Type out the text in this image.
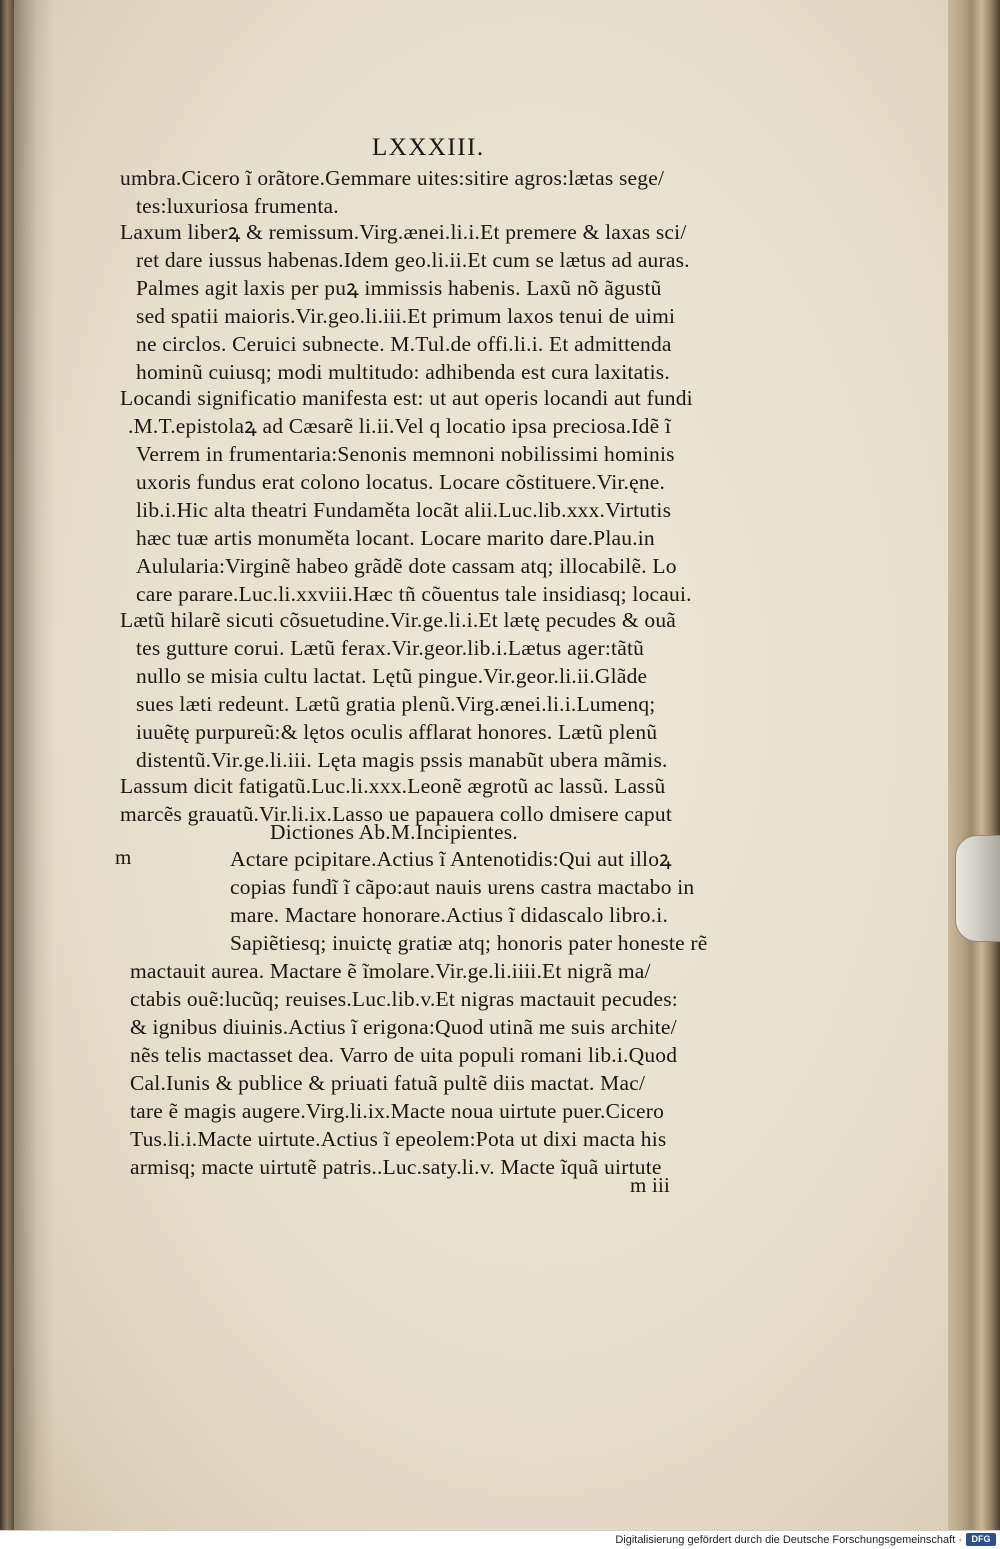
LXXXIII.
umbra.Cicero ĩ orãtore.Gemmare uites:sitire agros:lætas sege/
tes:luxuriosa frumenta.
Laxum liberꝝ & remissum.Virg.ænei.li.i.Et premere & laxas sci/
ret dare iussus habenas.Idem geo.li.ii.Et cum se lætus ad auras.
Palmes agit laxis per puꝝ immissis habenis. Laxũ nõ ãgustũ
sed spatii maioris.Vir.geo.li.iii.Et primum laxos tenui de uimi
ne circlos. Ceruici subnecte. M.Tul.de offi.li.i. Et admittenda
hominũ cuiusq; modi multitudo: adhibenda est cura laxitatis.
Locandi significatio manifesta est: ut aut operis locandi aut fundi
.M.T.epistolaꝝ ad Cæsarẽ li.ii.Vel q locatio ipsa preciosa.Idẽ ĩ
Verrem in frumentaria:Senonis memnoni nobilissimi hominis
uxoris fundus erat colono locatus. Locare cõstituere.Vir.ęne.
lib.i.Hic alta theatri Fundaměta locãt alii.Luc.lib.xxx.Virtutis
hæc tuæ artis monuměta locant. Locare marito dare.Plau.in
Aulularia:Virginẽ habeo grãdẽ dote cassam atq; illocabilẽ. Lo
care parare.Luc.li.xxviii.Hæc tñ cõuentus tale insidiasq; locaui.
Lætũ hilarẽ sicuti cõsuetudine.Vir.ge.li.i.Et lætę pecudes & ouã
tes gutture corui. Lætũ ferax.Vir.geor.lib.i.Lætus ager:tãtũ
nullo se misia cultu lactat. Lętũ pingue.Vir.geor.li.ii.Glãde
sues læti redeunt. Lætũ gratia plenũ.Virg.ænei.li.i.Lumenq;
iuuẽtę purpureũ:& lętos oculis afflarat honores. Lætũ plenũ
distentũ.Vir.ge.li.iii. Lęta magis pssis manabũt ubera mãmis.
Lassum dicit fatigatũ.Luc.li.xxx.Leonẽ ægrotũ ac lassũ. Lassũ
marcẽs grauatũ.Vir.li.ix.Lasso ue papauera collo dmisere caput
Dictiones Ab.M.Incipientes.
m	Actare pcipitare.Actius ĩ Antenotidis:Qui aut illoꝝ
copias fundĩ ĩ cãpo:aut nauis urens castra mactabo in
mare. Mactare honorare.Actius ĩ didascalo libro.i.
Sapiẽtiesq; inuictę gratiæ atq; honoris pater honeste rẽ
mactauit aurea. Mactare ẽ ĩmolare.Vir.ge.li.iiii.Et nigrã ma/
ctabis ouẽ:lucũq; reuises.Luc.lib.v.Et nigras mactauit pecudes:
& ignibus diuinis.Actius ĩ erigona:Quod utinã me suis archite/
nẽs telis mactasset dea. Varro de uita populi romani lib.i.Quod
Cal.Iunis & publice & priuati fatuã pultẽ diis mactat. Mac/
tare ẽ magis augere.Virg.li.ix.Macte noua uirtute puer.Cicero
Tus.li.i.Macte uirtute.Actius ĩ epeolem:Pota ut dixi macta his
armisq; macte uirtutẽ patris..Luc.saty.li.v. Macte ĩquã uirtute
m iii
Digitalisierung gefördert durch die Deutsche Forschungsgemeinschaft ·	DFG
